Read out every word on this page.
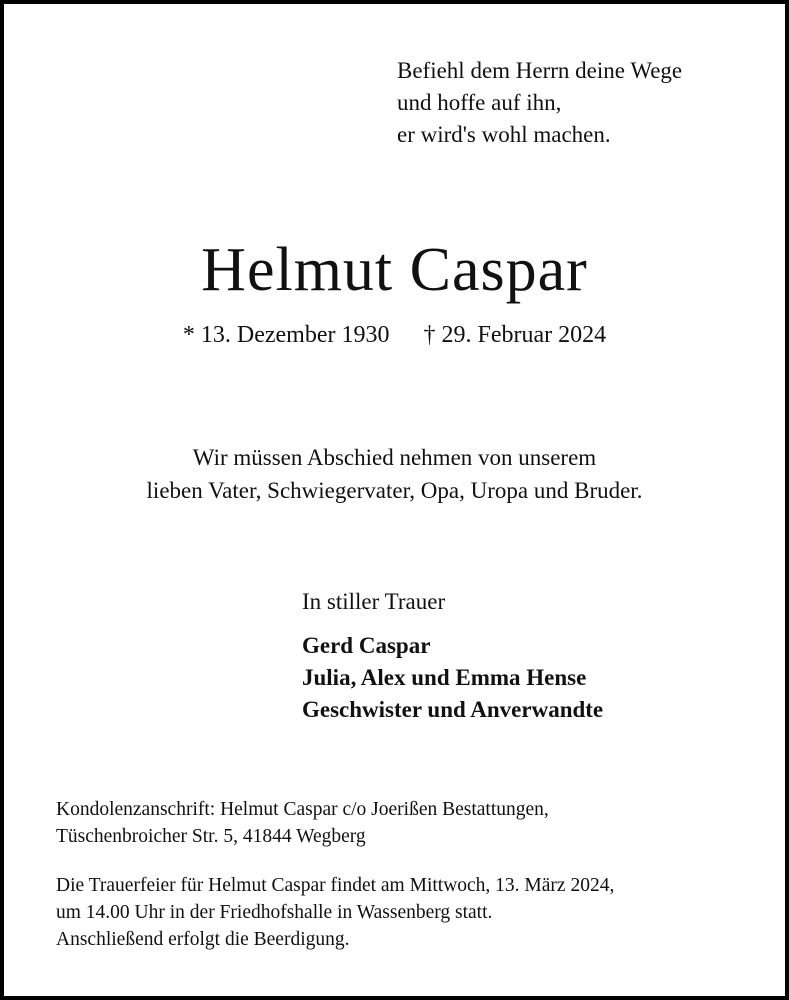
Befiehl dem Herrn deine Wege
und hoffe auf ihn,
er wird's wohl machen.
Helmut Caspar
* 13. Dezember 1930 † 29. Februar 2024
Wir müssen Abschied nehmen von unserem
lieben Vater, Schwiegervater, Opa, Uropa und Bruder.
In stiller Trauer
Gerd Caspar
Julia, Alex und Emma Hense
Geschwister und Anverwandte
Kondolenzanschrift: Helmut Caspar c/o Joerißen Bestattungen,
Tüschenbroicher Str. 5, 41844 Wegberg
Die Trauerfeier für Helmut Caspar findet am Mittwoch, 13. März 2024,
um 14.00 Uhr in der Friedhofshalle in Wassenberg statt.
Anschließend erfolgt die Beerdigung.
